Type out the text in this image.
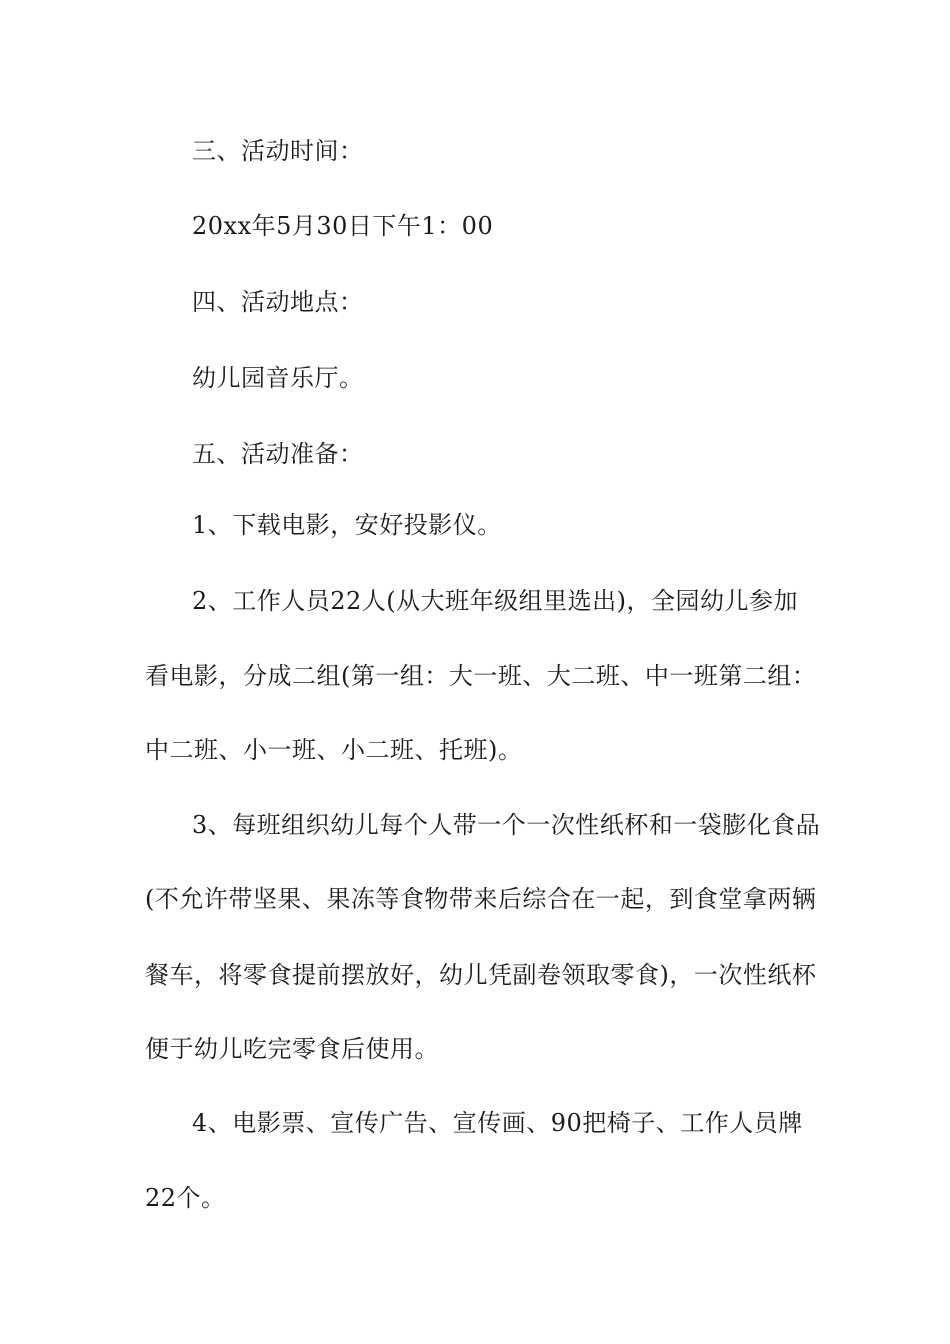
三、活动时间：
20xx年5月30日下午1：00
四、活动地点：
幼儿园音乐厅。
五、活动准备：
1、下载电影，安好投影仪。
2、工作人员22人(从大班年级组里选出)，全园幼儿参加
看电影，分成二组(第一组：大一班、大二班、中一班第二组：
中二班、小一班、小二班、托班)。
3、每班组织幼儿每个人带一个一次性纸杯和一袋膨化食品
(不允许带坚果、果冻等食物带来后综合在一起，到食堂拿两辆
餐车，将零食提前摆放好，幼儿凭副卷领取零食)，一次性纸杯
便于幼儿吃完零食后使用。
4、电影票、宣传广告、宣传画、90把椅子、工作人员牌
22个。
